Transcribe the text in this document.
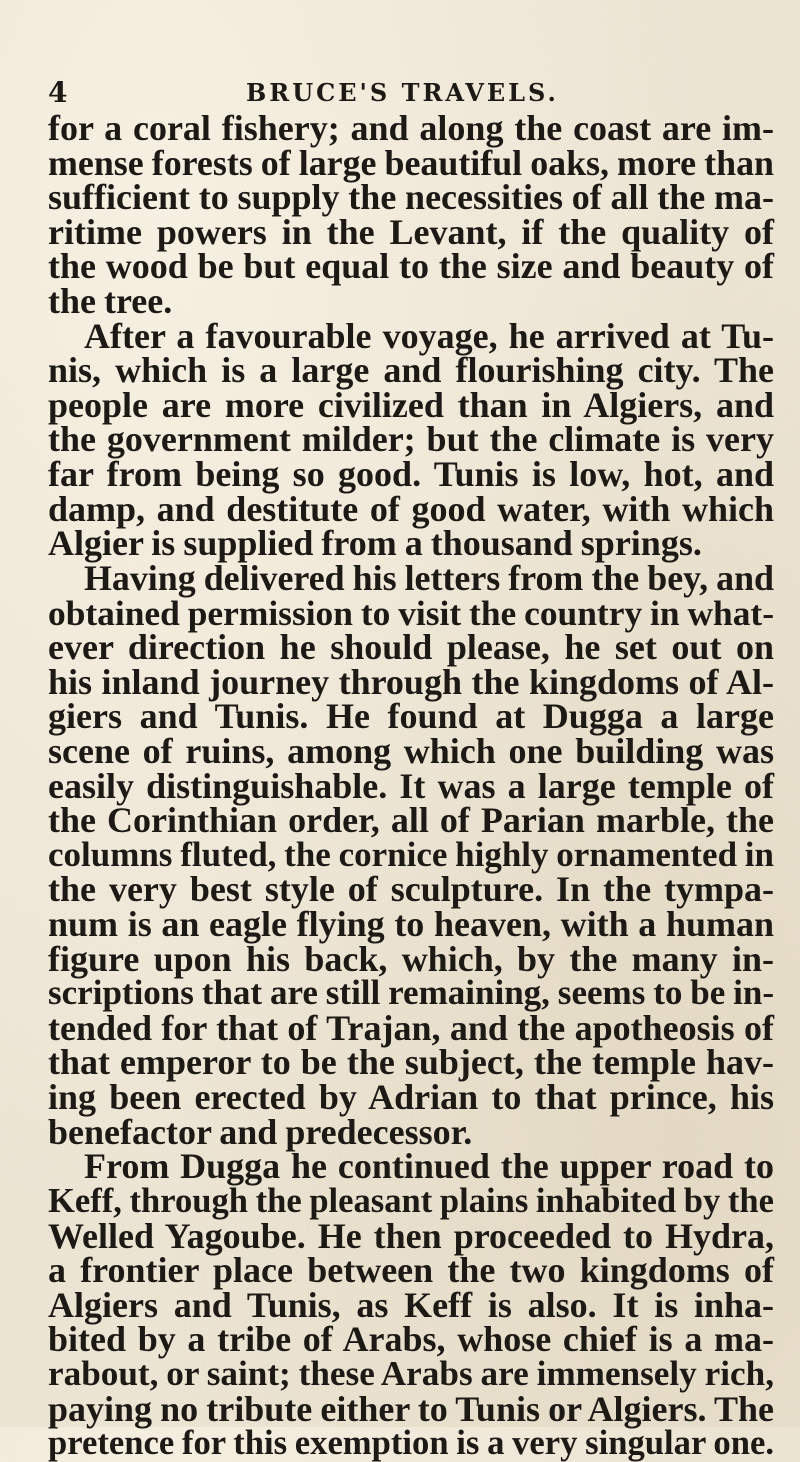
4	BRUCE'S TRAVELS.
for a coral fishery; and along the coast are im-
mense forests of large beautiful oaks, more than
sufficient to supply the necessities of all the ma-
ritime powers in the Levant, if the quality of
the wood be but equal to the size and beauty of
the tree.
After a favourable voyage, he arrived at Tu-
nis, which is a large and flourishing city. The
people are more civilized than in Algiers, and
the government milder; but the climate is very
far from being so good. Tunis is low, hot, and
damp, and destitute of good water, with which
Algier is supplied from a thousand springs.
Having delivered his letters from the bey, and
obtained permission to visit the country in what-
ever direction he should please, he set out on
his inland journey through the kingdoms of Al-
giers and Tunis. He found at Dugga a large
scene of ruins, among which one building was
easily distinguishable. It was a large temple of
the Corinthian order, all of Parian marble, the
columns fluted, the cornice highly ornamented in
the very best style of sculpture. In the tympa-
num is an eagle flying to heaven, with a human
figure upon his back, which, by the many in-
scriptions that are still remaining, seems to be in-
tended for that of Trajan, and the apotheosis of
that emperor to be the subject, the temple hav-
ing been erected by Adrian to that prince, his
benefactor and predecessor.
From Dugga he continued the upper road to
Keff, through the pleasant plains inhabited by the
Welled Yagoube. He then proceeded to Hydra,
a frontier place between the two kingdoms of
Algiers and Tunis, as Keff is also. It is inha-
bited by a tribe of Arabs, whose chief is a ma-
rabout, or saint; these Arabs are immensely rich,
paying no tribute either to Tunis or Algiers. The
pretence for this exemption is a very singular one.
